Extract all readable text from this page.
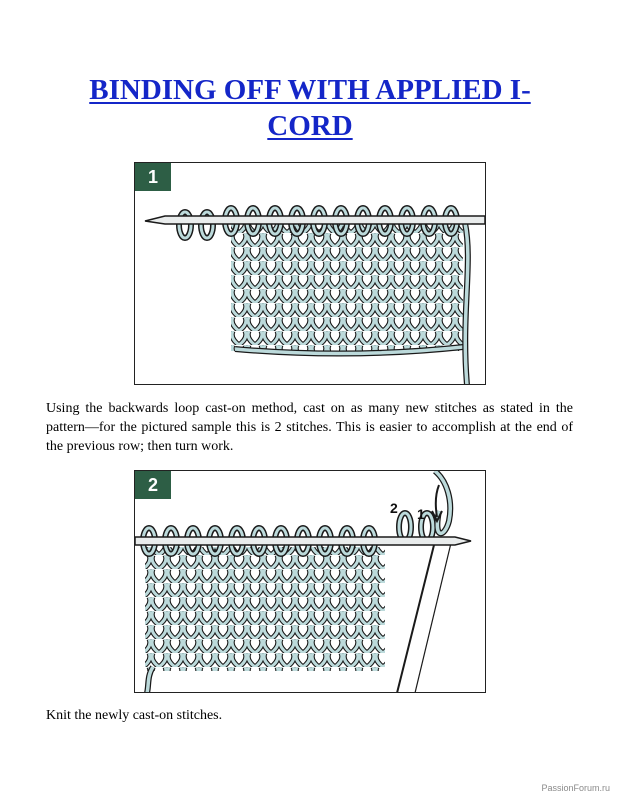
BINDING OFF WITH APPLIED I-CORD
1

Using the backwards loop cast-on method, cast on as many new stitches as stated in the pattern—for the pictured sample this is 2 stitches. This is easier to accomplish at the end of the previous row; then turn work.

2 1
2

Knit the newly cast-on stitches.

PassionForum.ru
